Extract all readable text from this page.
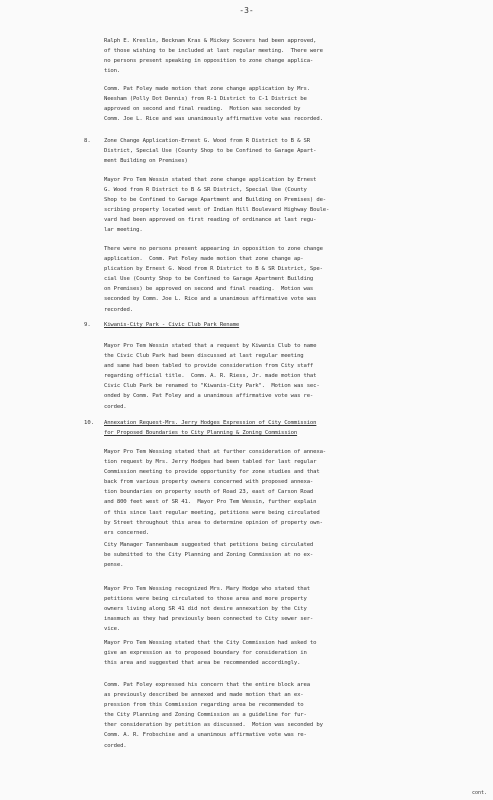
-3-
Ralph E. Kreslin, Becknam Kras & Mickey Scovers had been approved,
of those wishing to be included at last regular meeting.  There were
no persons present speaking in opposition to zone change applica-
tion.
Comm. Pat Foley made motion that zone change application by Mrs.
Neesham (Polly Dot Dennis) from R-1 District to C-1 District be
approved on second and final reading.  Motion was seconded by
Comm. Joe L. Rice and was unanimously affirmative vote was recorded.
8. Zone Change Application-Ernest G. Wood from R District to B & SR
District, Special Use (County Shop to be Confined to Garage Apart-
ment Building on Premises)
Mayor Pro Tem Wessin stated that zone change application by Ernest
G. Wood from R District to B & SR District, Special Use (County
Shop to be Confined to Garage Apartment and Building on Premises) de-
scribing property located west of Indian Hill Boulevard Highway Boule-
vard had been approved on first reading of ordinance at last regu-
lar meeting.
There were no persons present appearing in opposition to zone change
application.  Comm. Pat Foley made motion that zone change ap-
plication by Ernest G. Wood from R District to B & SR District, Spe-
cial Use (County Shop to be Confined to Garage Apartment Building
on Premises) be approved on second and final reading.  Motion was
seconded by Comm. Joe L. Rice and a unanimous affirmative vote was
recorded.
9. Kiwanis-City Park - Civic Club Park Rename
Mayor Pro Tem Wessin stated that a request by Kiwanis Club to name
the Civic Club Park had been discussed at last regular meeting
and same had been tabled to provide consideration from City staff
regarding official title.  Comm. A. R. Riess, Jr. made motion that
Civic Club Park be renamed to "Kiwanis-City Park".  Motion was sec-
onded by Comm. Pat Foley and a unanimous affirmative vote was re-
corded.
10. Annexation Request-Mrs. Jerry Hodges Expression of City Commission
for Proposed Boundaries to City Planning & Zoning Commission
Mayor Pro Tem Wessing stated that at further consideration of annexa-
tion request by Mrs. Jerry Hodges had been tabled for last regular
Commission meeting to provide opportunity for zone studies and that
back from various property owners concerned with proposed annexa-
tion boundaries on property south of Road 23, east of Carson Road
and 800 feet west of SR 41.  Mayor Pro Tem Wessin, further explain
of this since last regular meeting, petitions were being circulated
by Street throughout this area to determine opinion of property own-
ers concerned.
City Manager Tannenbaum suggested that petitions being circulated
be submitted to the City Planning and Zoning Commission at no ex-
pense.
Mayor Pro Tem Wessing recognized Mrs. Mary Hodge who stated that
petitions were being circulated to those area and more property
owners living along SR 41 did not desire annexation by the City
inasmuch as they had previously been connected to City sewer ser-
vice.
Mayor Pro Tem Wessing stated that the City Commission had asked to
give an expression as to proposed boundary for consideration in
this area and suggested that area be recommended accordingly.
Comm. Pat Foley expressed his concern that the entire block area
as previously described be annexed and made motion that an ex-
pression from this Commission regarding area be recommended to
the City Planning and Zoning Commission as a guideline for fur-
ther consideration by petition as discussed.  Motion was seconded by
Comm. A. R. Frobschise and a unanimous affirmative vote was re-
corded.
cont.
